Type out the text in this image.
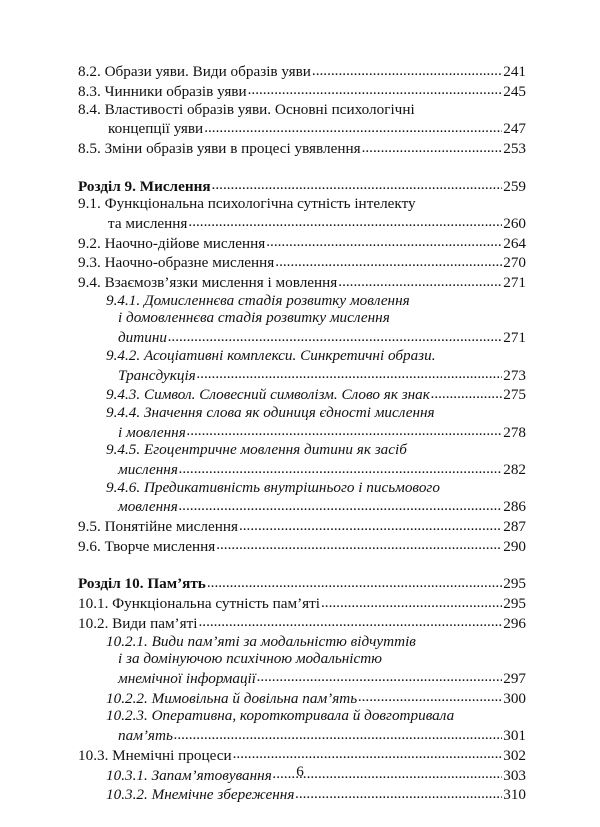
8.2. Образи уяви. Види образів уяви .....	241
8.3. Чинники образів уяви .....	245
8.4. Властивості образів уяви. Основні психологічні
концепції уяви .....	247
8.5. Зміни образів уяви в процесі увявлення .....	253
Розділ 9. Мислення .....	259
9.1. Функціональна психологічна сутність інтелекту
та мислення .....	260
9.2. Наочно-дійове мислення .....	264
9.3. Наочно-образне мислення .....	270
9.4. Взаємозв’язки мислення і мовлення .....	271
9.4.1. Домисленнєва стадія розвитку мовлення
і домовленнєва стадія розвитку мислення
дитини .....	271
9.4.2. Асоціативні комплекси. Синкретичні образи.
Трансдукція .....	273
9.4.3. Символ. Словесний символізм. Слово як знак .....	275
9.4.4. Значення слова як одиниця єдності мислення
і мовлення .....	278
9.4.5. Егоцентричне мовлення дитини як засіб
мислення .....	282
9.4.6. Предикативність внутрішнього і письмового
мовлення .....	286
9.5. Понятійне мислення .....	287
9.6. Творче мислення .....	290
Розділ 10. Пам’ять .....	295
10.1. Функціональна сутність пам’яті .....	295
10.2. Види пам’яті .....	296
10.2.1. Види пам’яті за модальністю відчуттів
і за домінуючою психічною модальністю
мнемічної інформації .....	297
10.2.2. Мимовільна й довільна пам’ять .....	300
10.2.3. Оперативна, короткотривала й довготривала
пам’ять .....	301
10.3. Мнемічні процеси .....	302
10.3.1. Запам’ятовування .....	303
10.3.2. Мнемічне збереження .....	310
6
